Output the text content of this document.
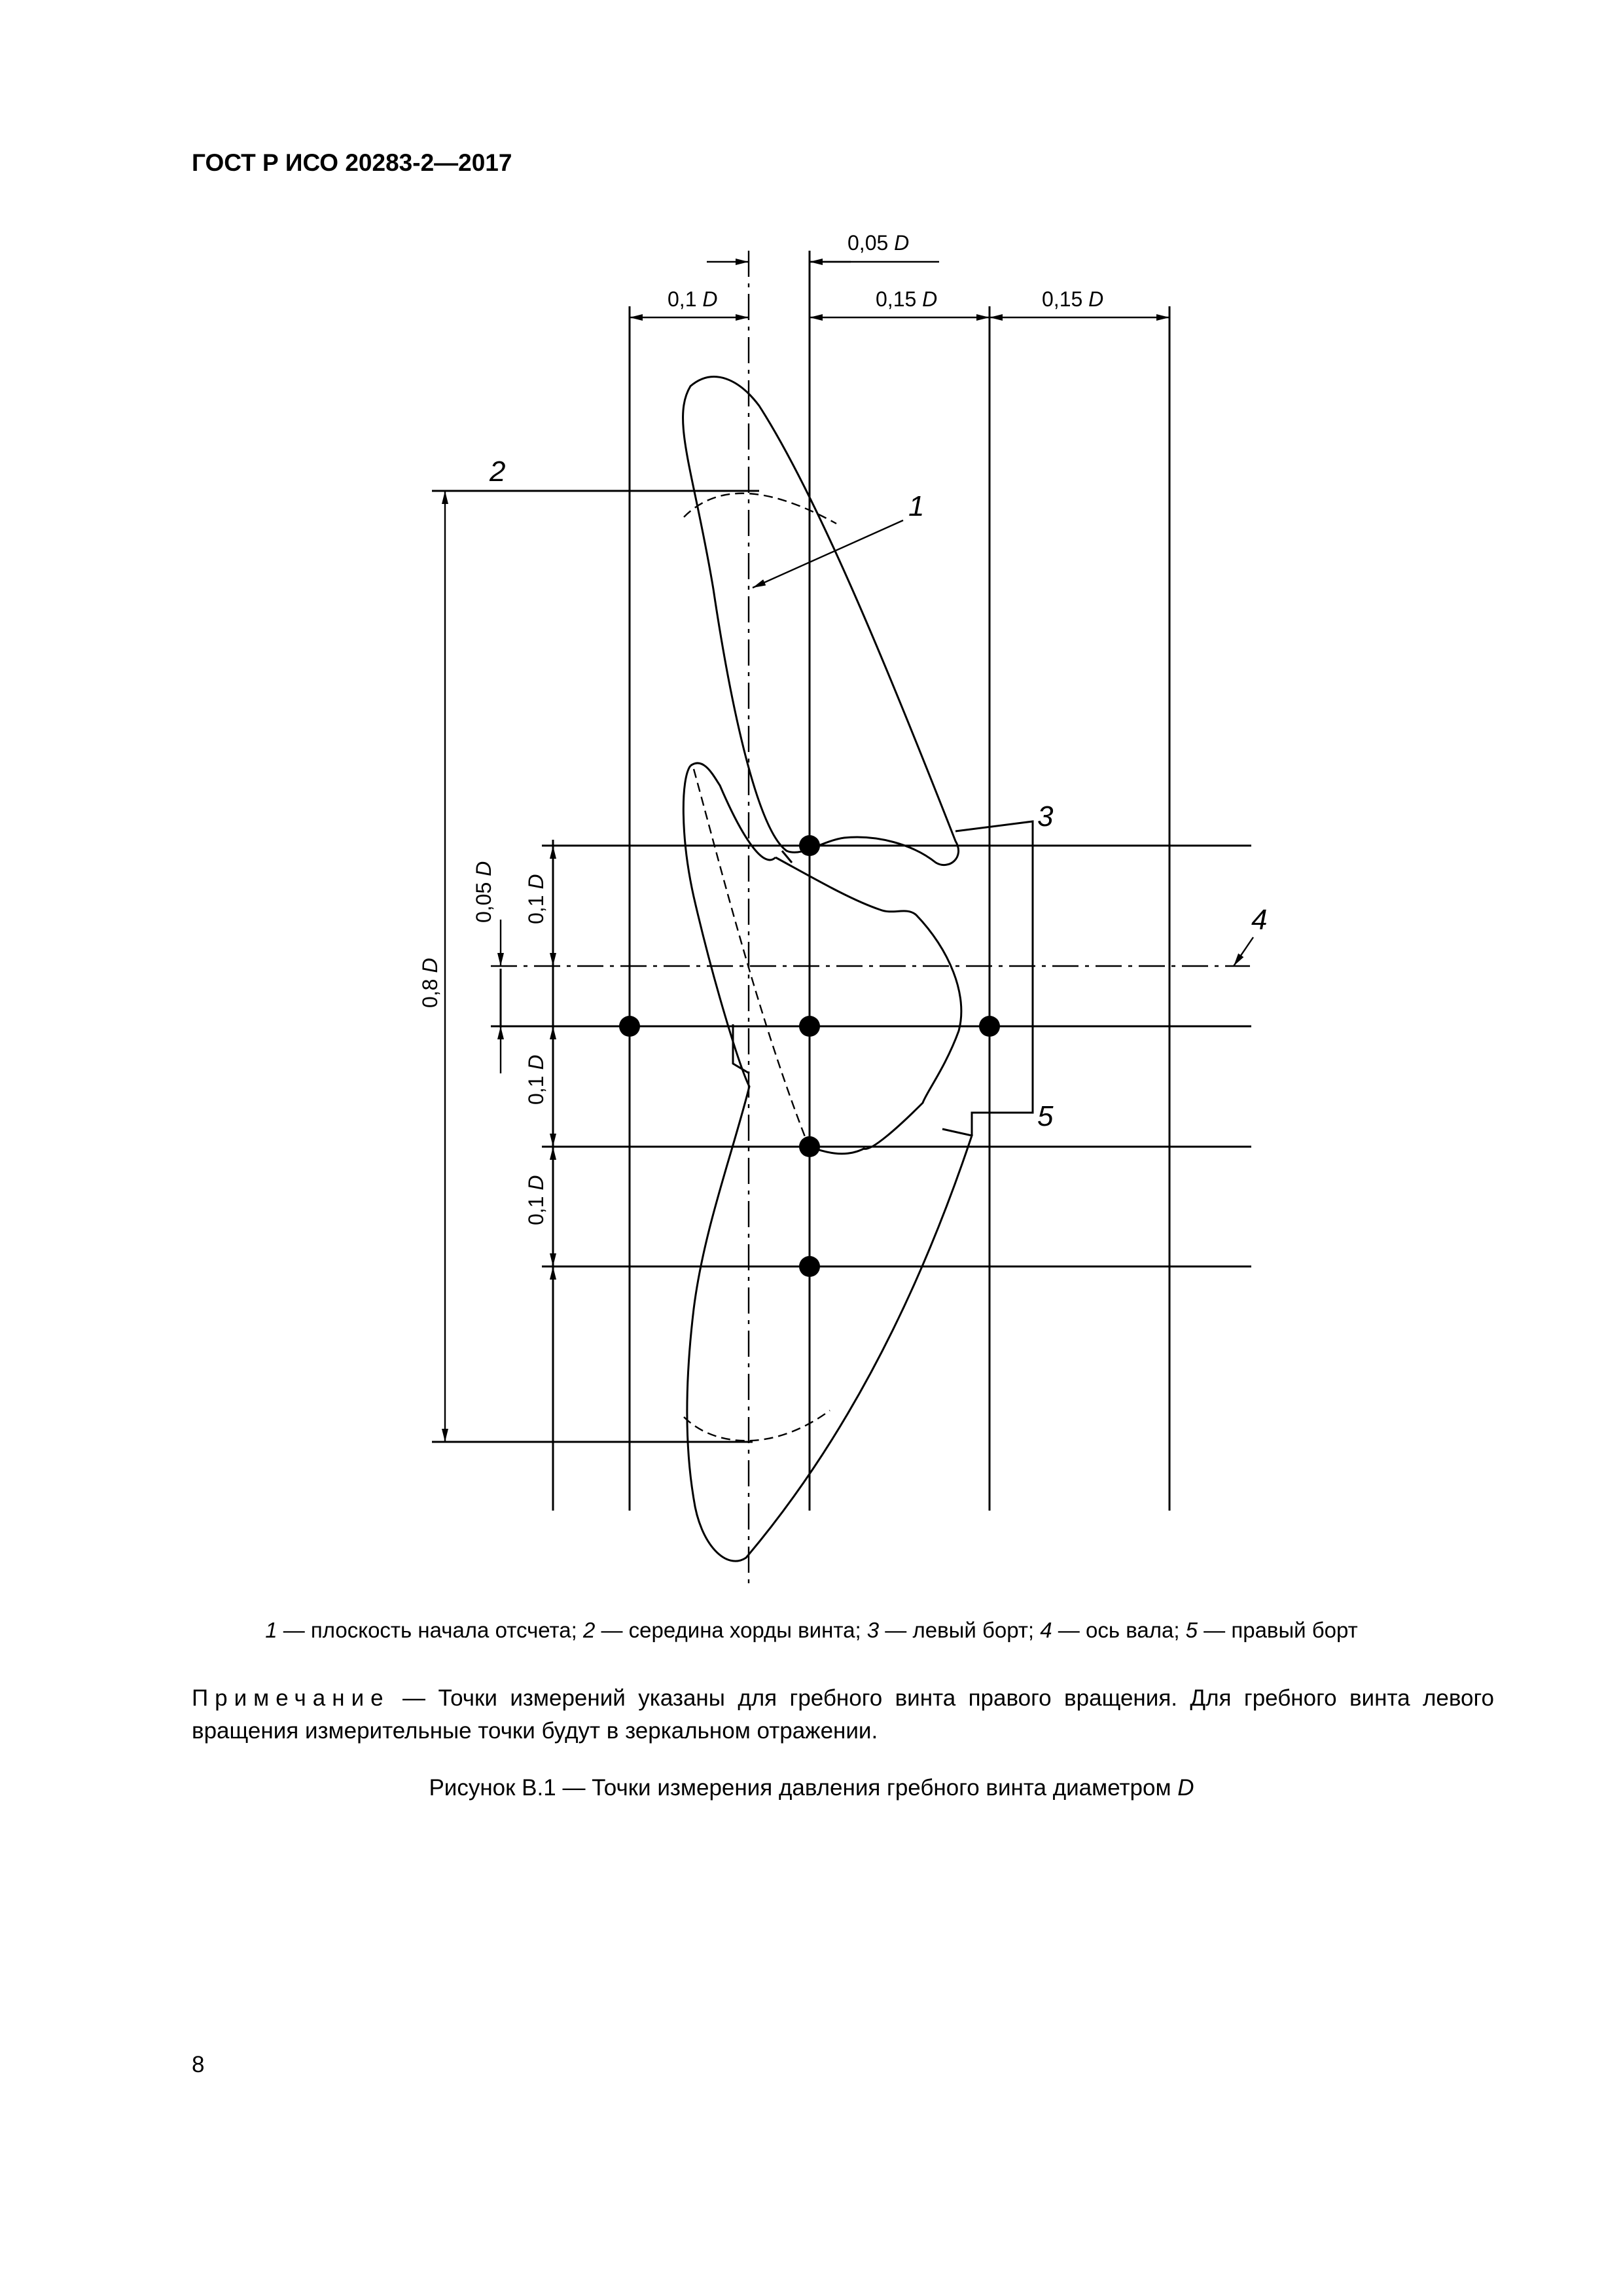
ГОСТ Р ИСО 20283-2—2017
0,05 D
0,1 D	0,15 D	0,15 D
0,8 D
0,05 D
0,1 D
0,1 D
0,1 D
1
2
3
4
5
1 — плоскость начала отсчета; 2 — середина хорды винта; 3 — левый борт; 4 — ось вала; 5 — правый борт
Примечание — Точки измерений указаны для гребного винта правого вращения. Для гребного винта левого вращения измерительные точки будут в зеркальном отражении.
Рисунок B.1 — Точки измерения давления гребного винта диаметром D
8
